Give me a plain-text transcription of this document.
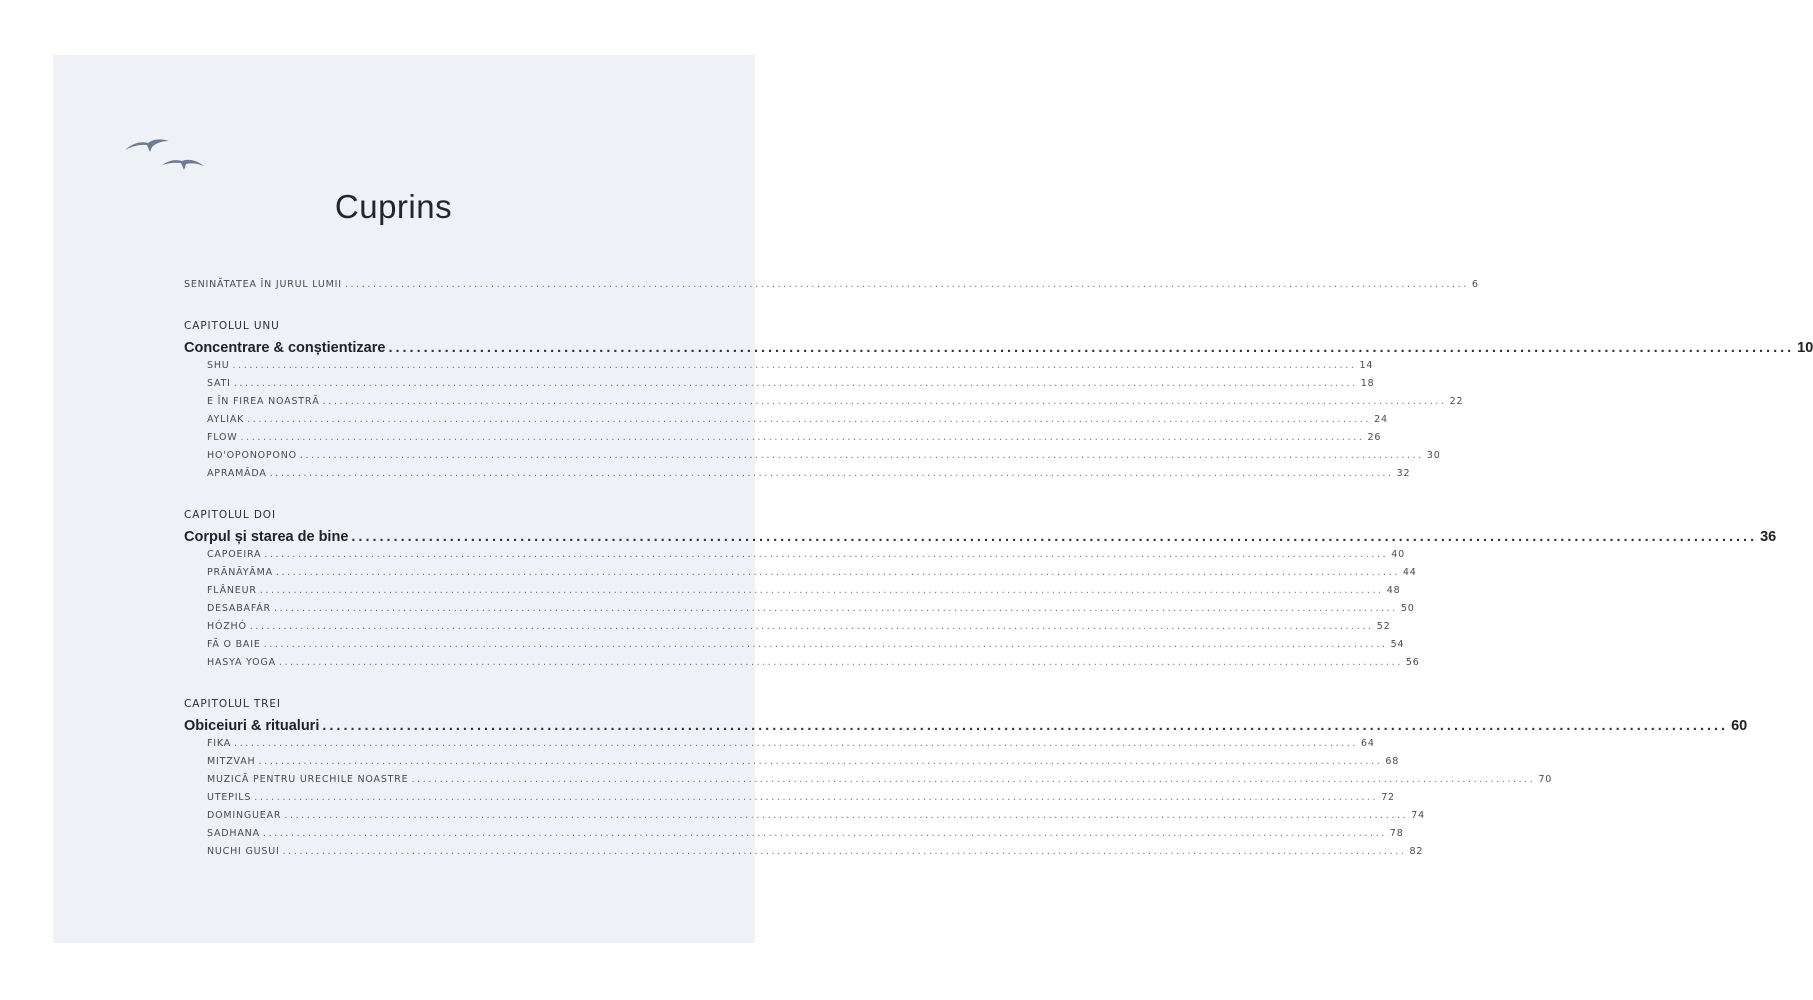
Cuprins
SENINĂTATEA ÎN JURUL LUMII ........................................................................................................................................................................................................ 6
CAPITOLUL UNU
Concentrare & conștientizare ........................................................................................................................................................................................................ 10
SHU ........................................................................................................................................................................................................ 14
SATI ........................................................................................................................................................................................................ 18
E ÎN FIREA NOASTRĂ ........................................................................................................................................................................................................ 22
AYLIAK ........................................................................................................................................................................................................ 24
FLOW ........................................................................................................................................................................................................ 26
HO'OPONOPONO ........................................................................................................................................................................................................ 30
APRAMĀDA ........................................................................................................................................................................................................ 32
CAPITOLUL DOI
Corpul și starea de bine ........................................................................................................................................................................................................ 36
CAPOEIRA ........................................................................................................................................................................................................ 40
PRĀNĀYĀMA ........................................................................................................................................................................................................ 44
FLÂNEUR ........................................................................................................................................................................................................ 48
DESABAFÁR ........................................................................................................................................................................................................ 50
HÓZHÓ ........................................................................................................................................................................................................ 52
FĂ O BAIE ........................................................................................................................................................................................................ 54
HASYA YOGA ........................................................................................................................................................................................................ 56
CAPITOLUL TREI
Obiceiuri & ritualuri ........................................................................................................................................................................................................ 60
FIKA ........................................................................................................................................................................................................ 64
MITZVAH ........................................................................................................................................................................................................ 68
MUZICĂ PENTRU URECHILE NOASTRE ........................................................................................................................................................................................................ 70
UTEPILS ........................................................................................................................................................................................................ 72
DOMINGUEAR ........................................................................................................................................................................................................ 74
SADHANA ........................................................................................................................................................................................................ 78
NUCHI GUSUI ........................................................................................................................................................................................................ 82
